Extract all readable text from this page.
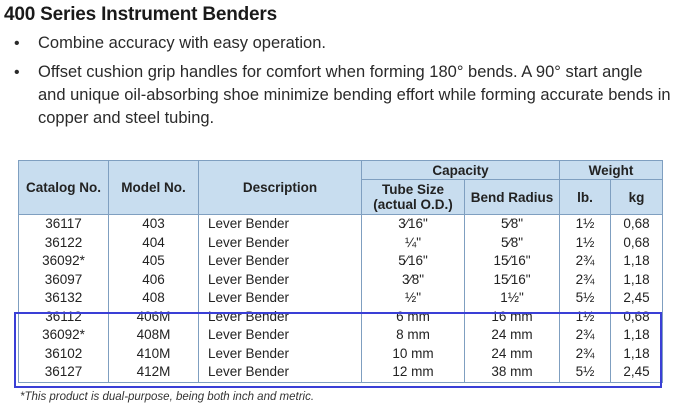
400 Series Instrument Benders
•	Combine accuracy with easy operation.
•	Offset cushion grip handles for comfort when forming 180° bends. A 90° start angle and unique oil-absorbing shoe minimize bending effort while forming accurate bends in copper and steel tubing.
Catalog No.	Model No.	Description	Capacity		Weight	
			Tube Size (actual O.D.)	Bend Radius	lb.	kg
36117	403	Lever Bender	3⁄16"	5⁄8"	1½	0,68
36122	404	Lever Bender	¼"	5⁄8"	1½	0,68
36092*	405	Lever Bender	5⁄16"	15⁄16"	2¾	1,18
36097	406	Lever Bender	3⁄8"	15⁄16"	2¾	1,18
36132	408	Lever Bender	½"	1½"	5½	2,45
36112	406M	Lever Bender	6 mm	16 mm	1½	0,68
36092*	408M	Lever Bender	8 mm	24 mm	2¾	1,18
36102	410M	Lever Bender	10 mm	24 mm	2¾	1,18
36127	412M	Lever Bender	12 mm	38 mm	5½	2,45
*This product is dual-purpose, being both inch and metric.
